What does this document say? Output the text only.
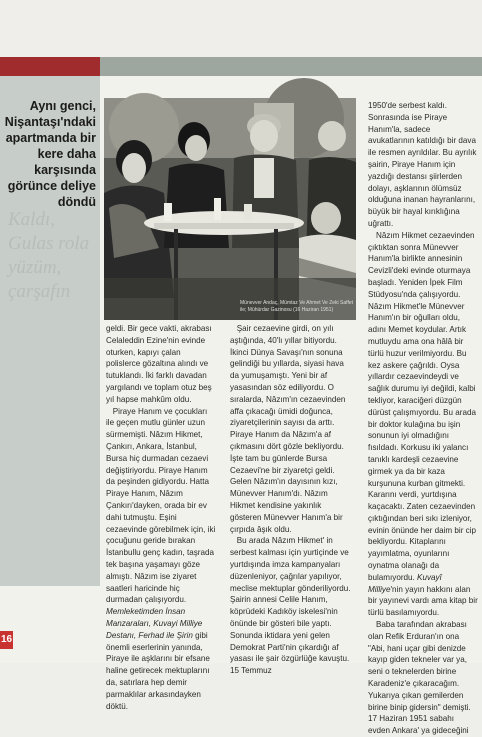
Kaldı, Gulas rola yüzüm, çarşafın
Aynı genci, Nişantaşı'ndaki apartmanda bir kere daha karşısında görünce deliye döndü
Münevver Andaç, Mümtaz Ve Ahmet Ve Zeki Saffet ile; Mühürdar Gazinosu (16 Haziran 1951)

geldi. Bir gece vakti, akrabası Celaleddin Ezine'nin evinde oturken, kapıyı çalan polislerce gözaltına alındı ve tutuklandı. İki farklı davadan yargılandı ve toplam otuz beş yıl hapse mahkûm oldu.

Piraye Hanım ve çocukları ile geçen mutlu günler uzun sürmemişti. Nâzım Hikmet, Çankırı, Ankara, İstanbul, Bursa hiç durmadan cezaevi değiştiriyordu. Piraye Hanım da peşinden gidiyordu. Hatta Piraye Hanım, Nâzım Çankırı'dayken, orada bir ev dahi tutmuştu. Eşini cezaevinde görebilmek için, iki çocuğunu geride bırakan İstanbullu genç kadın, taşrada tek başına yaşamayı göze almıştı. Nâzım ise ziyaret saatleri haricinde hiç durmadan çalışıyordu. Memleketimden İnsan Manzaraları, Kuvayi Milliye Destanı, Ferhad ile Şirin gibi önemli eserlerinin yanında, Piraye ile aşklarını bir efsane haline getirecek mektuplarını da, satırlara hep demir parmaklılar arkasındayken döktü.

Şair cezaevine girdi, on yılı aştığında, 40'lı yıllar bitiyordu. İkinci Dünya Savaşı'nın sonuna gelindiği bu yıllarda, siyasi hava da yumuşamıştı. Yeni bir af yasasından söz ediliyordu. O sıralarda, Nâzım'ın cezaevinden affa çıkacağı ümidi doğunca, ziyaretçilerinin sayısı da arttı. Piraye Hanım da Nâzım'a af çıkmasını dört gözle bekliyordu. İşte tam bu günlerde Bursa Cezaevi'ne bir ziyaretçi geldi. Gelen Nâzım'ın dayısının kızı, Münevver Hanım'dı. Nâzım Hikmet kendisine yakınlık gösteren Münevver Hanım'a bir çırpıda âşık oldu.

Bu arada Nâzım Hikmet' in serbest kalması için yurtiçinde ve yurtdışında imza kampanyaları düzenleniyor, çağrılar yapılıyor, meclise mektuplar gönderiliyordu. Şairin annesi Celile Hanım, köprüdeki Kadıköy iskelesi'nin önünde bir gösteri bile yaptı. Sonunda iktidara yeni gelen Demokrat Parti'nin çıkardığı af yasası ile şair özgürlüğe kavuştu. 15 Temmuz

1950'de serbest kaldı. Sonrasında ise Piraye Hanım'la, sadece avukatlarının katıldığı bir dava ile resmen ayrıldılar. Bu ayrılık şairin, Piraye Hanım için yazdığı destansı şiirlerden dolayı, aşklarının ölümsüz olduğuna inanan hayranlarını, büyük bir hayal kırıklığına uğrattı.

Nâzım Hikmet cezaevinden çıktıktan sonra Münevver Hanım'la birlikte annesinin Cevizli'deki evinde oturmaya başladı. Yeniden İpek Film Stüdyosu'nda çalışıyordu. Nâzım Hikmet'le Münevver Hanım'ın bir oğulları oldu, adını Memet koydular. Artık mutluydu ama ona hâlâ bir türlü huzur verilmiyordu. Bu kez askere çağrıldı. Oysa yıllardır cezaevindeydi ve sağlık durumu iyi değildi, kalbi tekliyor, karaciğeri düzgün dürüst çalışmıyordu. Bu arada bir doktor kulağına bu işin sonunun iyi olmadığını fısıldadı. Korkusu iki yalancı tanıklı kardeşli cezaevine girmek ya da bir kaza kurşununa kurban gitmekti. Kararını verdi, yurtdışına kaçacaktı. Zaten cezaevinden çıktığından beri sıkı izleniyor, evinin önünde her daim bir cip bekliyordu. Kitaplarını yayımlatma, oyunlarını oynatma olanağı da bulamıyordu. Kuvayî Milliye'nin yayın hakkını alan bir yayınevi vardı ama kitap bir türlü basılamıyordu.

Baba tarafından akrabası olan Refik Erduran'ın ona "Abi, hani uçar gibi denizde kayıp giden tekneler var ya, seni o teknelerden birine Karadeniz'e çıkaracağım. Yukarıya çıkan gemilerden birine binip gidersin" demişti. 17 Haziran 1951 sabahı evden Ankara' ya gideceğini

16
